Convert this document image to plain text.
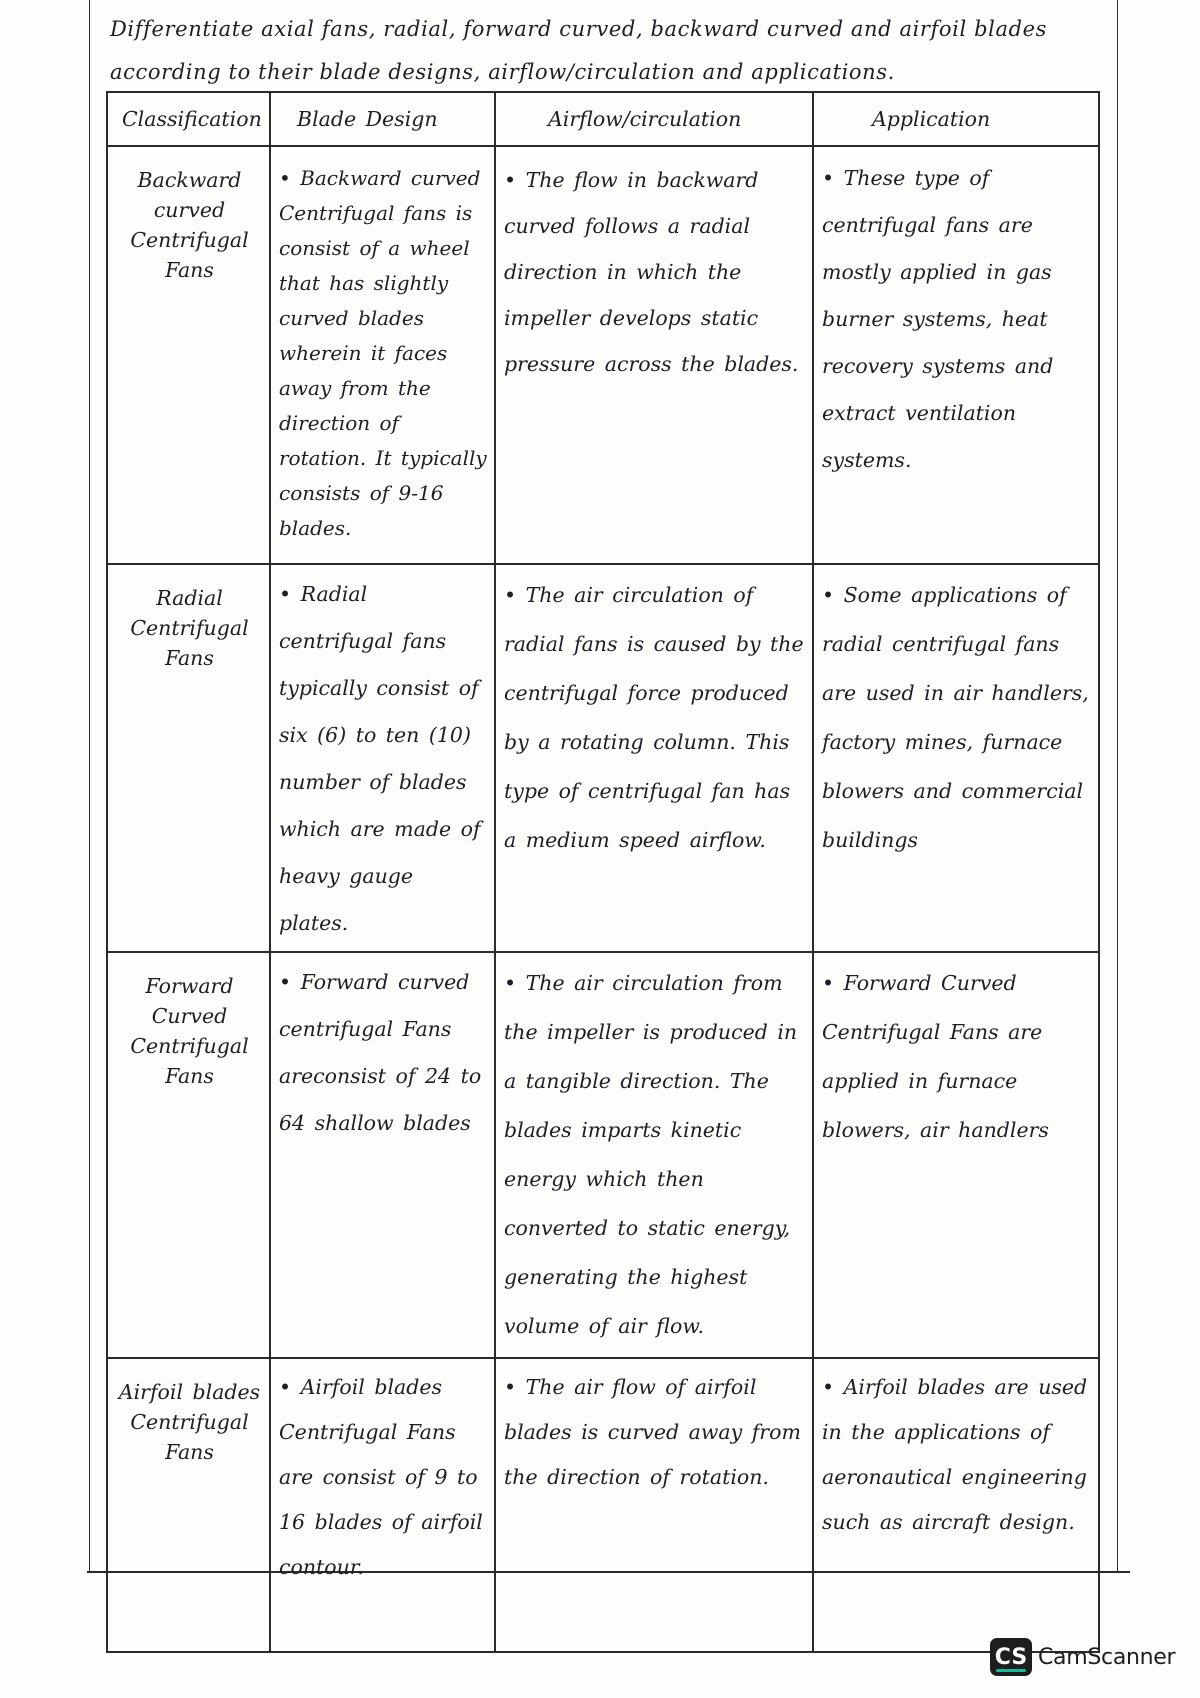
Differentiate axial fans, radial, forward curved, backward curved and airfoil blades according to their blade designs, airflow/circulation and applications.

Classification	Blade Design	Airflow/circulation	Application
Backward curved Centrifugal Fans	• Backward curved Centrifugal fans is consist of a wheel that has slightly curved blades wherein it faces away from the direction of rotation. It typically consists of 9-16 blades.	• The flow in backward curved follows a radial direction in which the impeller develops static pressure across the blades.	• These type of centrifugal fans are mostly applied in gas burner systems, heat recovery systems and extract ventilation systems.
Radial Centrifugal Fans	• Radial centrifugal fans typically consist of six (6) to ten (10) number of blades which are made of heavy gauge plates.	• The air circulation of radial fans is caused by the centrifugal force produced by a rotating column. This type of centrifugal fan has a medium speed airflow.	• Some applications of radial centrifugal fans are used in air handlers, factory mines, furnace blowers and commercial buildings
Forward Curved Centrifugal Fans	• Forward curved centrifugal Fans areconsist of 24 to 64 shallow blades	• The air circulation from the impeller is produced in a tangible direction. The blades imparts kinetic energy which then converted to static energy, generating the highest volume of air flow.	• Forward Curved Centrifugal Fans are applied in furnace blowers, air handlers
Airfoil blades Centrifugal Fans	• Airfoil blades Centrifugal Fans are consist of 9 to 16 blades of airfoil contour.	• The air flow of airfoil blades is curved away from the direction of rotation.	• Airfoil blades are used in the applications of aeronautical engineering such as aircraft design.
CS CamScanner
